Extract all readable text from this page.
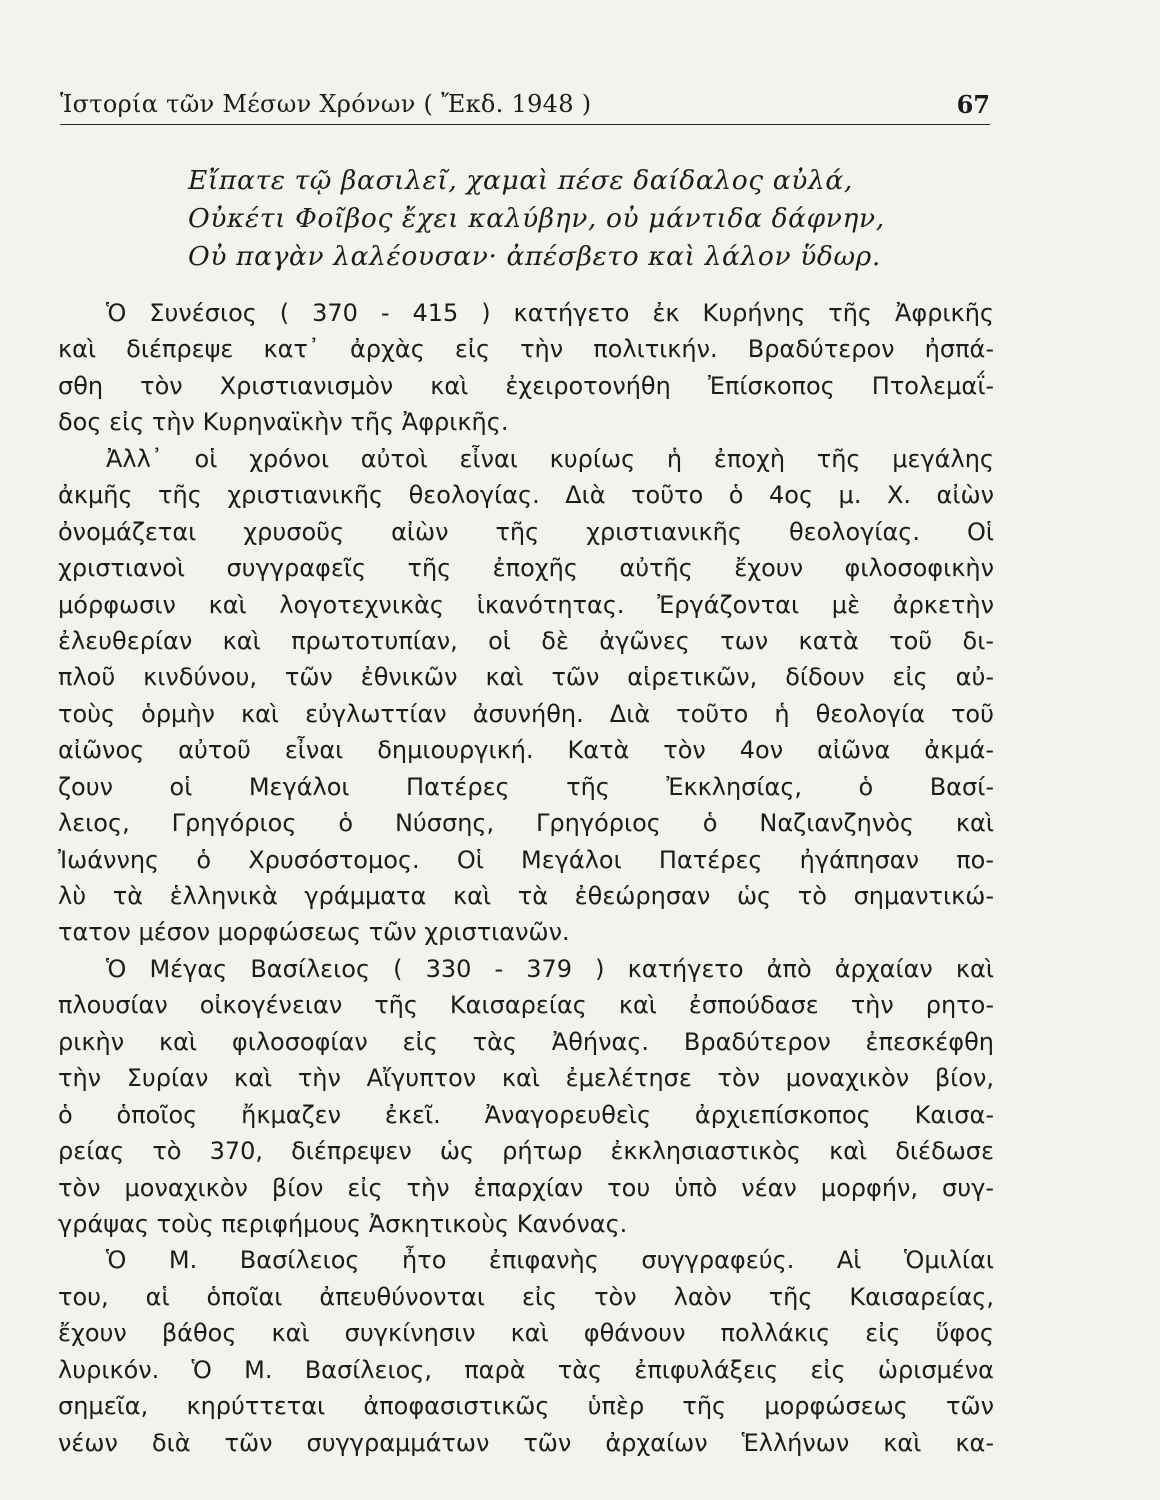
Ἱστορία τῶν Μέσων Χρόνων ( Ἔκδ. 1948 )	67
Εἴπατε τῷ βασιλεῖ, χαμαὶ πέσε δαίδαλος αὐλά,
Οὐκέτι Φοῖβος ἔχει καλύβην, οὐ μάντιδα δάφνην,
Οὐ παγὰν λαλέουσαν· ἀπέσβετο καὶ λάλον ὕδωρ.
Ὁ Συνέσιος ( 370 - 415 ) κατήγετο ἐκ Κυρήνης τῆς Ἀφρικῆς
καὶ διέπρεψε κατ᾽ ἀρχὰς εἰς τὴν πολιτικήν. Βραδύτερον ἠσπά-
σθη τὸν Χριστιανισμὸν καὶ ἐχειροτονήθη Ἐπίσκοπος Πτολεμαΐ-
δος εἰς τὴν Κυρηναϊκὴν τῆς Ἀφρικῆς.
Ἀλλ᾽ οἱ χρόνοι αὐτοὶ εἶναι κυρίως ἡ ἐποχὴ τῆς μεγάλης
ἀκμῆς τῆς χριστιανικῆς θεολογίας. Διὰ τοῦτο ὁ 4ος μ. Χ. αἰὼν
ὀνομάζεται χρυσοῦς αἰὼν τῆς χριστιανικῆς θεολογίας. Οἱ
χριστιανοὶ συγγραφεῖς τῆς ἐποχῆς αὐτῆς ἔχουν φιλοσοφικὴν
μόρφωσιν καὶ λογοτεχνικὰς ἱκανότητας. Ἐργάζονται μὲ ἀρκετὴν
ἐλευθερίαν καὶ πρωτοτυπίαν, οἱ δὲ ἀγῶνες των κατὰ τοῦ δι-
πλοῦ κινδύνου, τῶν ἐθνικῶν καὶ τῶν αἱρετικῶν, δίδουν εἰς αὐ-
τοὺς ὁρμὴν καὶ εὐγλωττίαν ἀσυνήθη. Διὰ τοῦτο ἡ θεολογία τοῦ
αἰῶνος αὐτοῦ εἶναι δημιουργική. Κατὰ τὸν 4ον αἰῶνα ἀκμά-
ζουν οἱ Μεγάλοι Πατέρες τῆς Ἐκκλησίας, ὁ Βασί-
λειος, Γρηγόριος ὁ Νύσσης, Γρηγόριος ὁ Ναζιανζηνὸς καὶ
Ἰωάννης ὁ Χρυσόστομος. Οἱ Μεγάλοι Πατέρες ἠγάπησαν πο-
λὺ τὰ ἑλληνικὰ γράμματα καὶ τὰ ἐθεώρησαν ὡς τὸ σημαντικώ-
τατον μέσον μορφώσεως τῶν χριστιανῶν.
Ὁ Μέγας Βασίλειος ( 330 - 379 ) κατήγετο ἀπὸ ἀρχαίαν καὶ
πλουσίαν οἰκογένειαν τῆς Καισαρείας καὶ ἐσπούδασε τὴν ρητο-
ρικὴν καὶ φιλοσοφίαν εἰς τὰς Ἀθήνας. Βραδύτερον ἐπεσκέφθη
τὴν Συρίαν καὶ τὴν Αἴγυπτον καὶ ἐμελέτησε τὸν μοναχικὸν βίον,
ὁ ὁποῖος ἤκμαζεν ἐκεῖ. Ἀναγορευθεὶς ἀρχιεπίσκοπος Καισα-
ρείας τὸ 370, διέπρεψεν ὡς ρήτωρ ἐκκλησιαστικὸς καὶ διέδωσε
τὸν μοναχικὸν βίον εἰς τὴν ἐπαρχίαν του ὑπὸ νέαν μορφήν, συγ-
γράψας τοὺς περιφήμους Ἀσκητικοὺς Κανόνας.
Ὁ Μ. Βασίλειος ἦτο ἐπιφανὴς συγγραφεύς. Αἱ Ὁμιλίαι
του, αἱ ὁποῖαι ἀπευθύνονται εἰς τὸν λαὸν τῆς Καισαρείας,
ἔχουν βάθος καὶ συγκίνησιν καὶ φθάνουν πολλάκις εἰς ὕφος
λυρικόν. Ὁ Μ. Βασίλειος, παρὰ τὰς ἐπιφυλάξεις εἰς ὡρισμένα
σημεῖα, κηρύττεται ἀποφασιστικῶς ὑπὲρ τῆς μορφώσεως τῶν
νέων διὰ τῶν συγγραμμάτων τῶν ἀρχαίων Ἑλλήνων καὶ κα-
